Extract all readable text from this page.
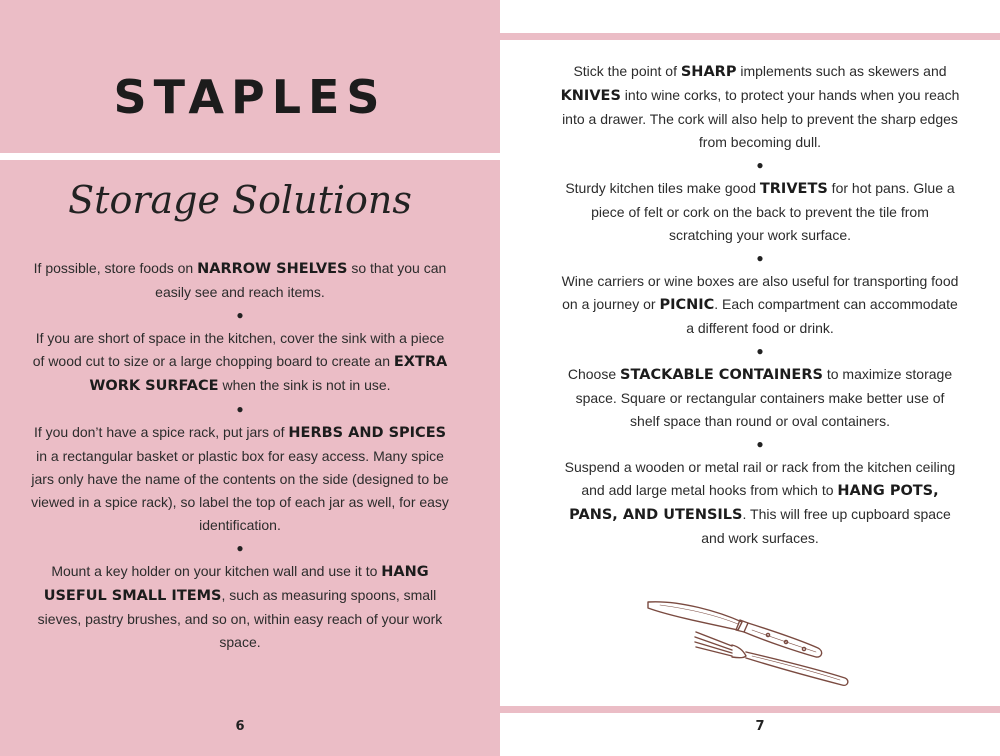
STAPLES
Storage Solutions

If possible, store foods on NARROW SHELVES so that you can easily see and reach items.

●

If you are short of space in the kitchen, cover the sink with a piece of wood cut to size or a large chopping board to create an EXTRA WORK SURFACE when the sink is not in use.

●

If you don’t have a spice rack, put jars of HERBS AND SPICES in a rectangular basket or plastic box for easy access. Many spice jars only have the name of the contents on the side (designed to be viewed in a spice rack), so label the top of each jar as well, for easy identification.

●

Mount a key holder on your kitchen wall and use it to HANG USEFUL SMALL ITEMS, such as measuring spoons, small sieves, pastry brushes, and so on, within easy reach of your work space.

6

Stick the point of SHARP implements such as skewers and KNIVES into wine corks, to protect your hands when you reach into a drawer. The cork will also help to prevent the sharp edges from becoming dull.

●

Sturdy kitchen tiles make good TRIVETS for hot pans. Glue a piece of felt or cork on the back to prevent the tile from scratching your work surface.

●

Wine carriers or wine boxes are also useful for transporting food on a journey or PICNIC. Each compartment can accommodate a different food or drink.

●

Choose STACKABLE CONTAINERS to maximize storage space. Square or rectangular containers make better use of shelf space than round or oval containers.

●

Suspend a wooden or metal rail or rack from the kitchen ceiling and add large metal hooks from which to HANG POTS, PANS, AND UTENSILS. This will free up cupboard space and work surfaces.

7
